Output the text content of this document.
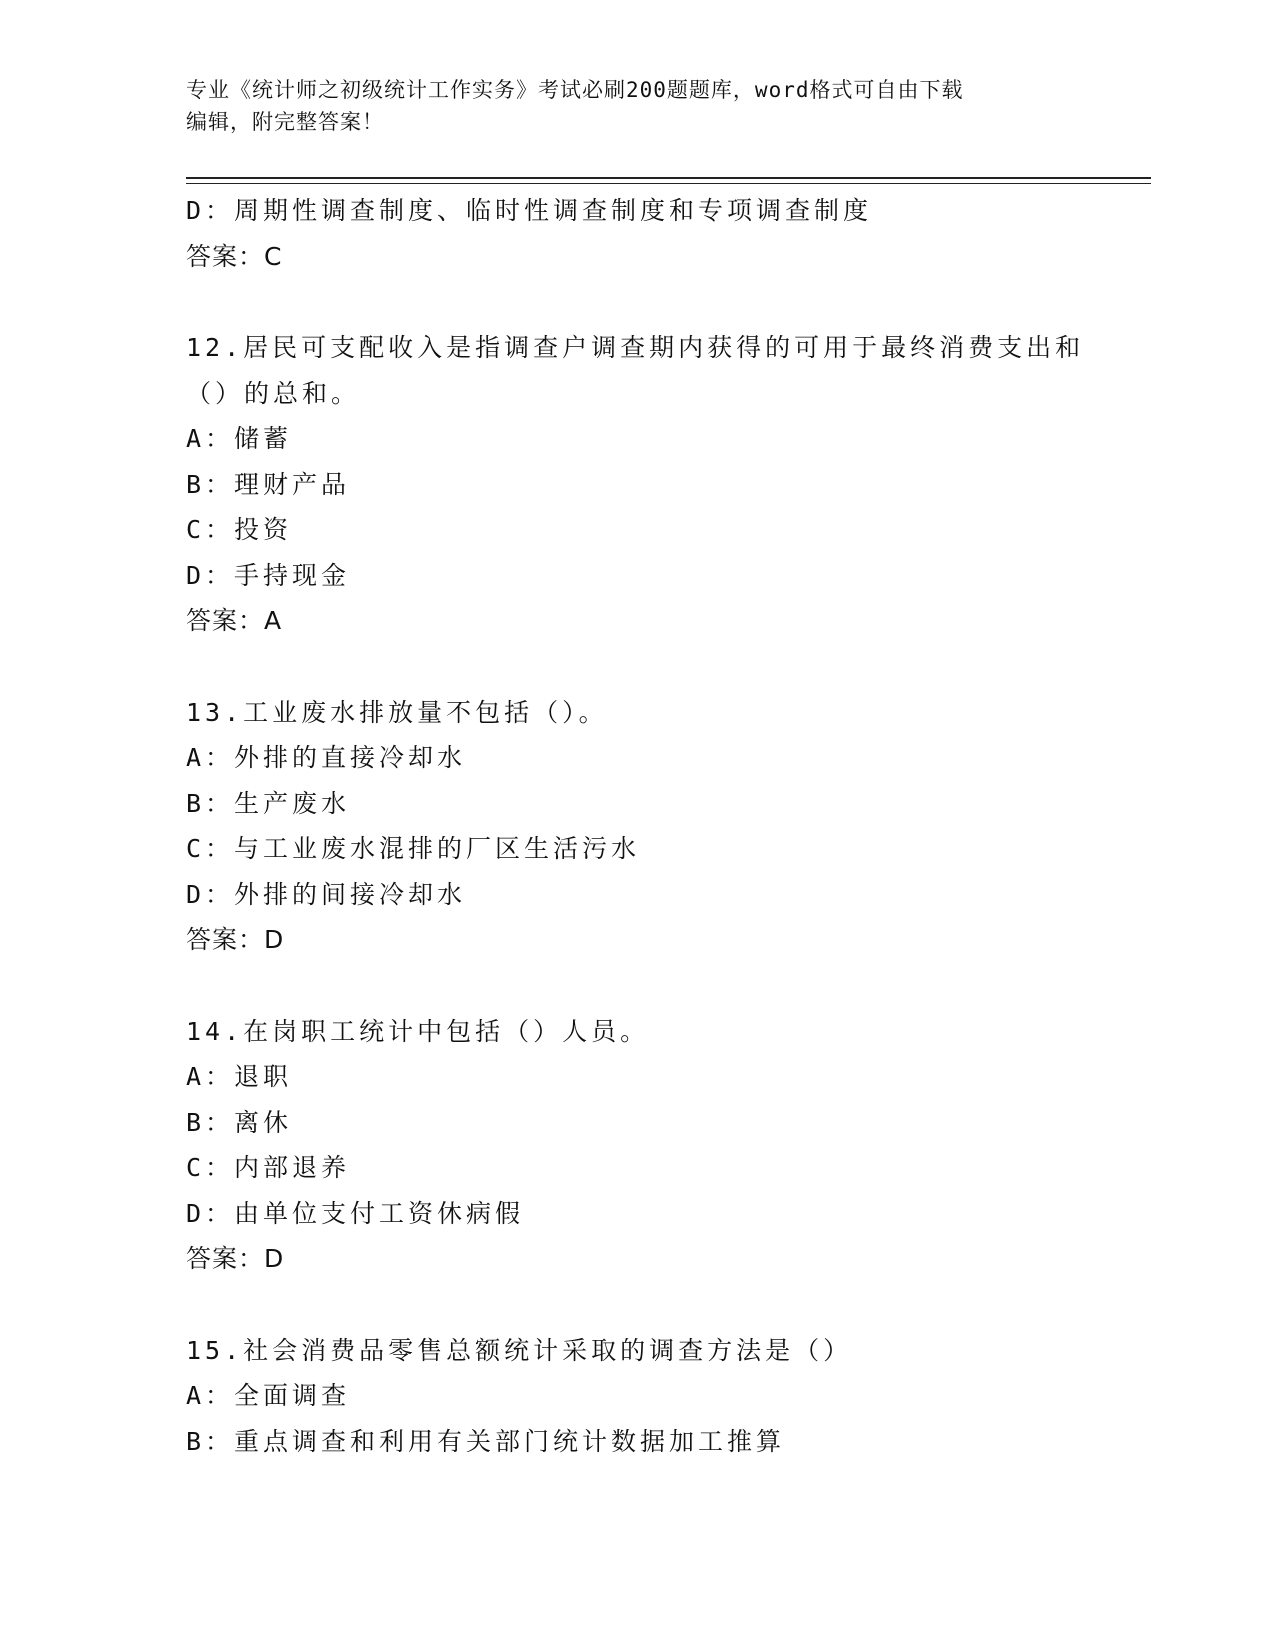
专业《统计师之初级统计工作实务》考试必刷200题题库，word格式可自由下载
编辑，附完整答案！
D：周期性调查制度、临时性调查制度和专项调查制度
答案：C
12.居民可支配收入是指调查户调查期内获得的可用于最终消费支出和
（）的总和。
A：储蓄
B：理财产品
C：投资
D：手持现金
答案：A
13.工业废水排放量不包括（）。
A：外排的直接冷却水
B：生产废水
C：与工业废水混排的厂区生活污水
D：外排的间接冷却水
答案：D
14.在岗职工统计中包括（）人员。
A：退职
B：离休
C：内部退养
D：由单位支付工资休病假
答案：D
15.社会消费品零售总额统计采取的调查方法是（）
A：全面调查
B：重点调查和利用有关部门统计数据加工推算
